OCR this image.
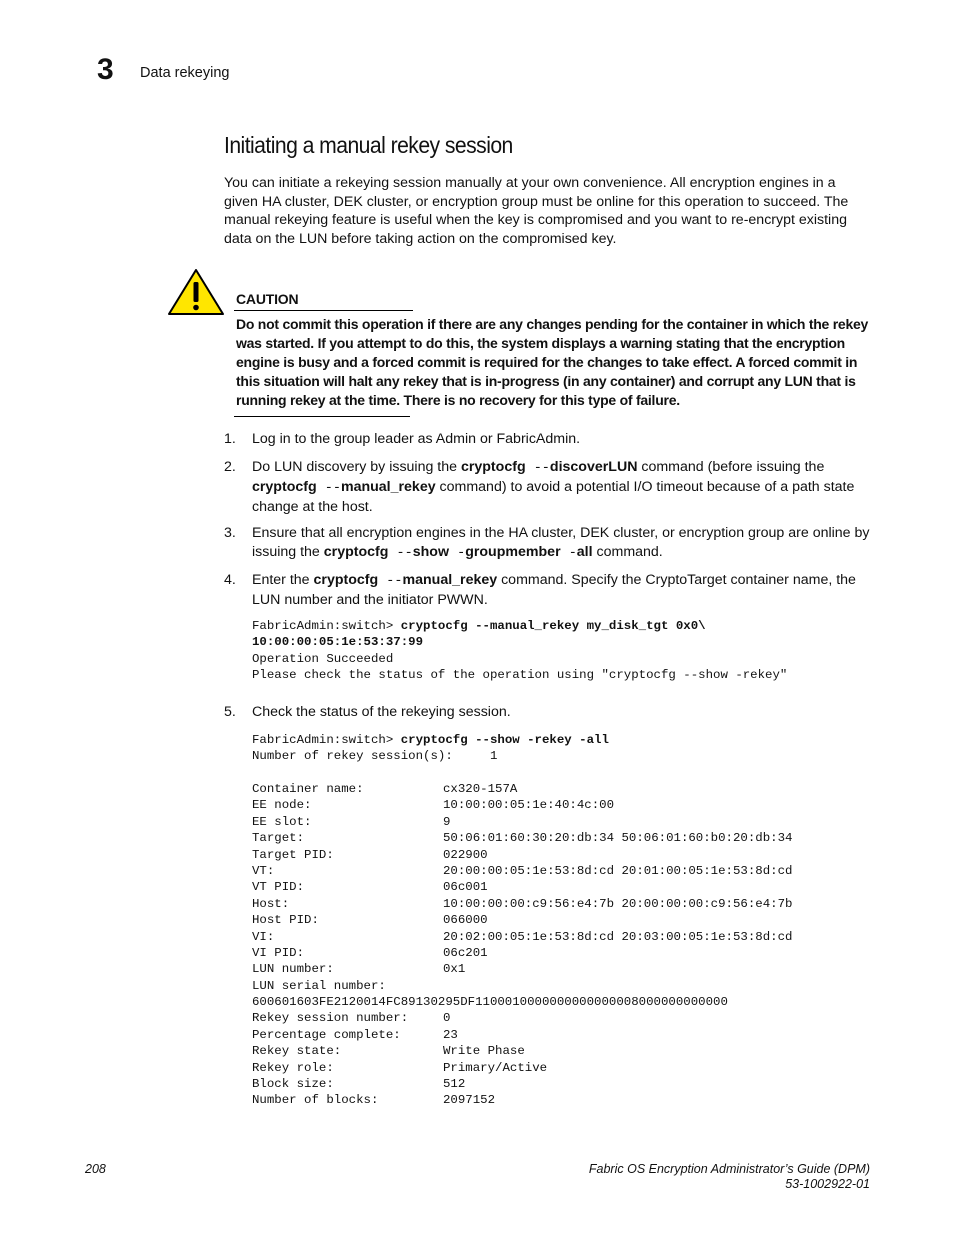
3 Data rekeying
Initiating a manual rekey session
You can initiate a rekeying session manually at your own convenience. All encryption engines in a given HA cluster, DEK cluster, or encryption group must be online for this operation to succeed. The manual rekeying feature is useful when the key is compromised and you want to re-encrypt existing data on the LUN before taking action on the compromised key.
CAUTION
Do not commit this operation if there are any changes pending for the container in which the rekey was started. If you attempt to do this, the system displays a warning stating that the encryption engine is busy and a forced commit is required for the changes to take effect. A forced commit in this situation will halt any rekey that is in-progress (in any container) and corrupt any LUN that is running rekey at the time. There is no recovery for this type of failure.
1.	Log in to the group leader as Admin or FabricAdmin.
2.	Do LUN discovery by issuing the cryptocfg --discoverLUN command (before issuing the cryptocfg --manual_rekey command) to avoid a potential I/O timeout because of a path state change at the host.
3.	Ensure that all encryption engines in the HA cluster, DEK cluster, or encryption group are online by issuing the cryptocfg --show -groupmember -all command.
4.	Enter the cryptocfg --manual_rekey command. Specify the CryptoTarget container name, the LUN number and the initiator PWWN.
FabricAdmin:switch> cryptocfg --manual_rekey my_disk_tgt 0x0\
10:00:00:05:1e:53:37:99
Operation Succeeded
Please check the status of the operation using "cryptocfg --show -rekey"
5.	Check the status of the rekeying session.
FabricAdmin:switch> cryptocfg --show -rekey -all
Number of rekey session(s):     1
Container name:	cx320-157A
EE node:	10:00:00:05:1e:40:4c:00
EE slot:	9
Target:	50:06:01:60:30:20:db:34 50:06:01:60:b0:20:db:34
Target PID:	022900
VT:	20:00:00:05:1e:53:8d:cd 20:01:00:05:1e:53:8d:cd
VT PID:	06c001
Host:	10:00:00:00:c9:56:e4:7b 20:00:00:00:c9:56:e4:7b
Host PID:	066000
VI:	20:02:00:05:1e:53:8d:cd 20:03:00:05:1e:53:8d:cd
VI PID:	06c201
LUN number:	0x1
LUN serial number:
600601603FE2120014FC89130295DF1100010000000000000008000000000000
Rekey session number:	0
Percentage complete:	23
Rekey state:	Write Phase
Rekey role:	Primary/Active
Block size:	512
Number of blocks:	2097152
208	Fabric OS Encryption Administrator’s Guide (DPM)
53-1002922-01
